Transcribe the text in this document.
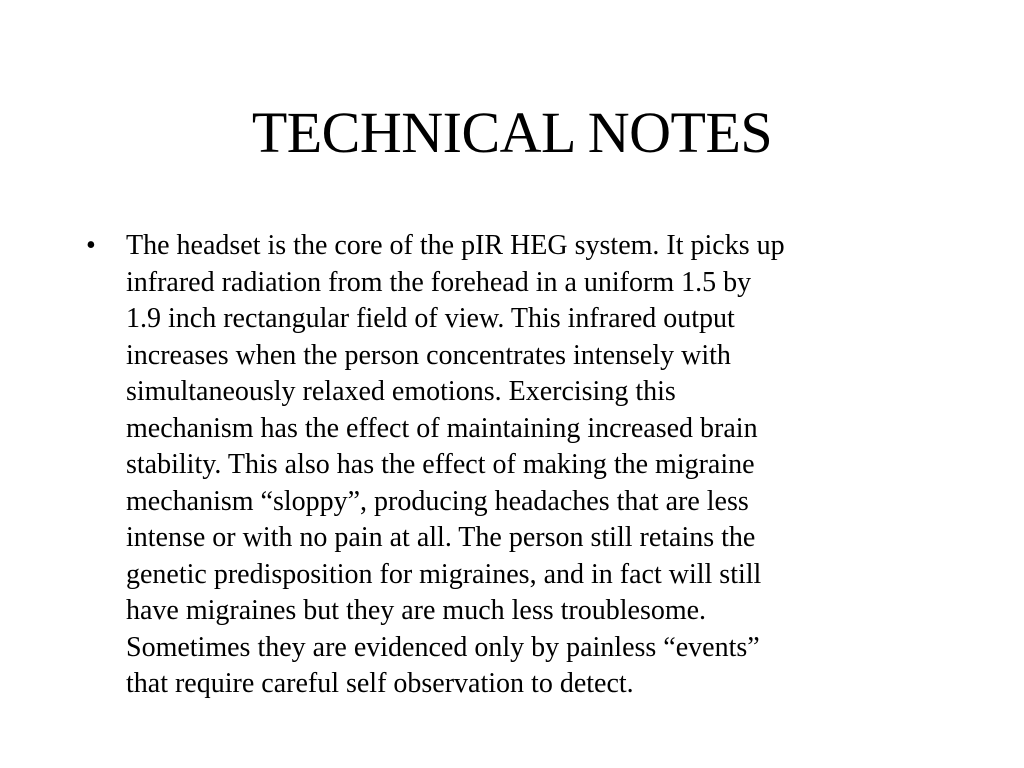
TECHNICAL NOTES
•	The headset is the core of the pIR HEG system. It picks up
infrared radiation from the forehead in a uniform 1.5 by
1.9 inch rectangular field of view. This infrared output
increases when the person concentrates intensely with
simultaneously relaxed emotions. Exercising this
mechanism has the effect of maintaining increased brain
stability. This also has the effect of making the migraine
mechanism “sloppy”, producing headaches that are less
intense or with no pain at all. The person still retains the
genetic predisposition for migraines, and in fact will still
have migraines but they are much less troublesome.
Sometimes they are evidenced only by painless “events”
that require careful self observation to detect.
